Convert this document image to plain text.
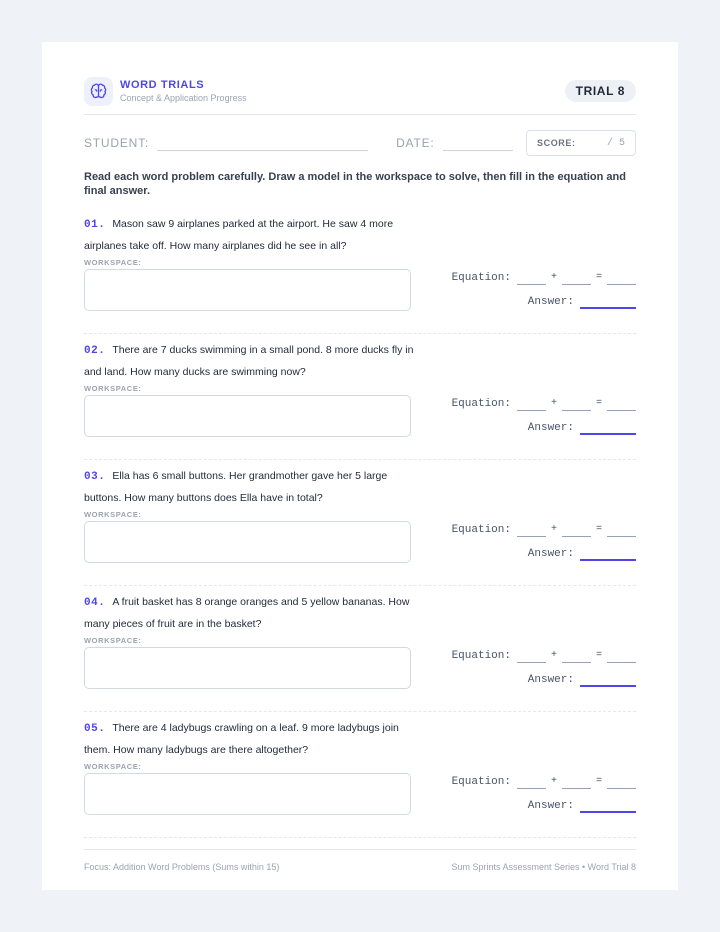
WORD TRIALS
Concept & Application Progress	TRIAL 8
STUDENT:	DATE:	SCORE:	/ 5
Read each word problem carefully. Draw a model in the workspace to solve, then fill in the equation and final answer.
01. Mason saw 9 airplanes parked at the airport. He saw 4 more airplanes take off. How many airplanes did he see in all?
WORKSPACE:
Equation:	+	=
Answer:
02. There are 7 ducks swimming in a small pond. 8 more ducks fly in and land. How many ducks are swimming now?
WORKSPACE:
Equation:	+	=
Answer:
03. Ella has 6 small buttons. Her grandmother gave her 5 large buttons. How many buttons does Ella have in total?
WORKSPACE:
Equation:	+	=
Answer:
04. A fruit basket has 8 orange oranges and 5 yellow bananas. How many pieces of fruit are in the basket?
WORKSPACE:
Equation:	+	=
Answer:
05. There are 4 ladybugs crawling on a leaf. 9 more ladybugs join them. How many ladybugs are there altogether?
WORKSPACE:
Equation:	+	=
Answer:
Focus: Addition Word Problems (Sums within 15)	Sum Sprints Assessment Series • Word Trial 8
